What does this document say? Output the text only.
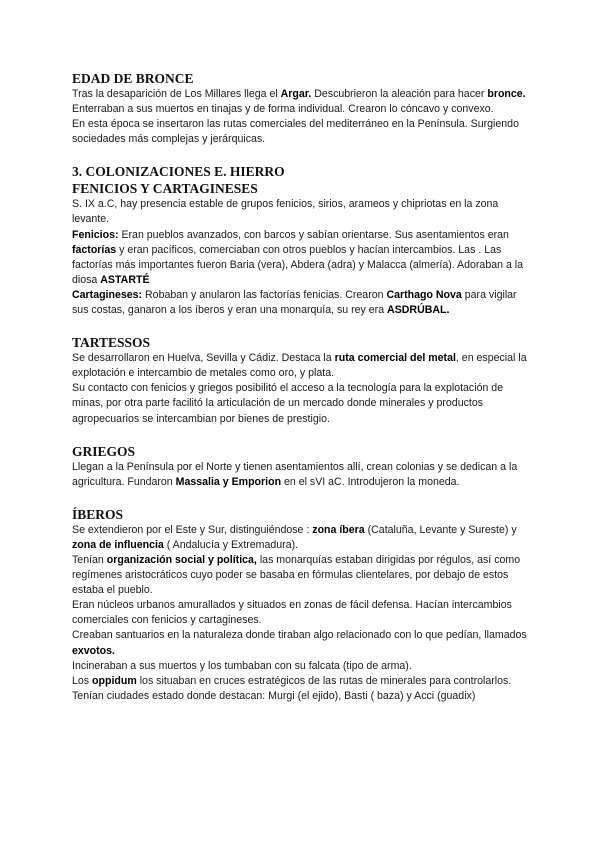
EDAD DE BRONCE

Tras la desaparición de Los Millares llega el Argar. Descubrieron la aleación para hacer bronce. Enterraban a sus muertos en tinajas y de forma individual. Crearon lo cóncavo y convexo.

En esta época se insertaron las rutas comerciales del mediterráneo en la Península. Surgiendo sociedades más complejas y jerárquicas.

3. COLONIZACIONES E. HIERRO
FENICIOS Y CARTAGINESES

S. IX a.C, hay presencia estable de grupos fenicios, sirios, arameos y chipriotas en la zona levante.

Fenicios: Eran pueblos avanzados, con barcos y sabían orientarse. Sus asentamientos eran factorías y eran pacíficos, comerciaban con otros pueblos y hacían intercambios. Las . Las factorías más importantes fueron Baria (vera), Abdera (adra) y Malacca (almería). Adoraban a la diosa ASTARTÉ

Cartagineses: Robaban y anularon las factorías fenicias. Crearon Carthago Nova para vigilar sus costas, ganaron a los íberos y eran una monarquía, su rey era ASDRÚBAL.

TARTESSOS

Se desarrollaron en Huelva, Sevilla y Cádiz. Destaca la ruta comercial del metal, en especial la explotación e intercambio de metales como oro, y plata.

Su contacto con fenicios y griegos posibilitó el acceso a la tecnología para la explotación de minas, por otra parte facilitó la articulación de un mercado donde minerales y productos agropecuarios se intercambian por bienes de prestigio.

GRIEGOS

Llegan a la Península por el Norte y tienen asentamientos allí, crean colonias y se dedican a la agricultura. Fundaron Massalia y Emporion en el sVI aC. Introdujeron la moneda.

ÍBEROS

Se extendieron por el Este y Sur, distinguiéndose : zona íbera (Cataluña, Levante y Sureste) y zona de influencia ( Andalucía y Extremadura).

Tenían organización social y política, las monarquías estaban dirigidas por régulos, así como regímenes aristocráticos cuyo poder se basaba en fórmulas clientelares, por debajo de estos estaba el pueblo.

Eran núcleos urbanos amurallados y situados en zonas de fácil defensa. Hacían intercambios comerciales con fenicios y cartagineses.

Creaban santuarios en la naturaleza donde tiraban algo relacionado con lo que pedían, llamados exvotos.

Incineraban a sus muertos y los tumbaban con su falcata (tipo de arma).

Los oppidum los situaban en cruces estratégicos de las rutas de minerales para controlarlos. Tenían ciudades estado donde destacan: Murgi (el ejido), Basti ( baza) y Acci (guadix)
